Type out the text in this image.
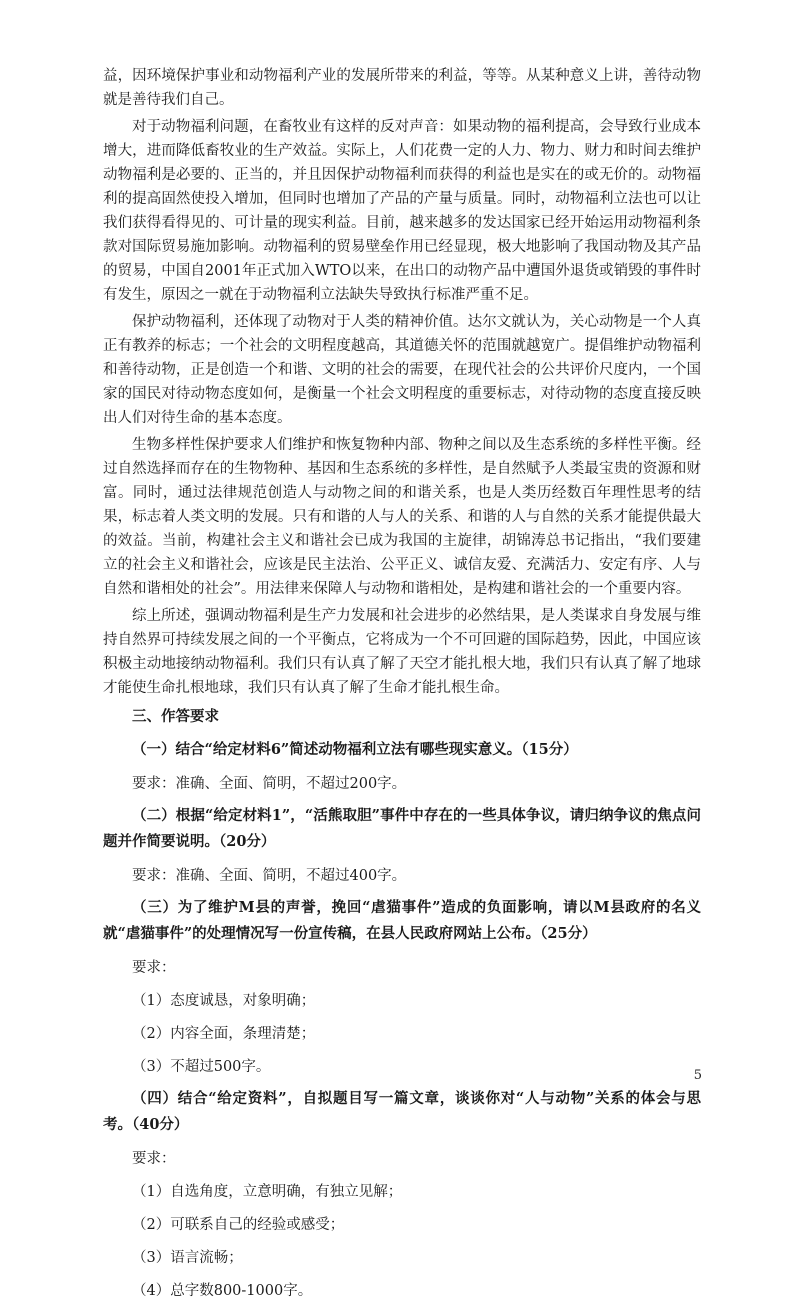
益，因环境保护事业和动物福利产业的发展所带来的利益，等等。从某种意义上讲，善待动物就是善待我们自己。

对于动物福利问题，在畜牧业有这样的反对声音：如果动物的福利提高，会导致行业成本增大，进而降低畜牧业的生产效益。实际上，人们花费一定的人力、物力、财力和时间去维护动物福利是必要的、正当的，并且因保护动物福利而获得的利益也是实在的或无价的。动物福利的提高固然使投入增加，但同时也增加了产品的产量与质量。同时，动物福利立法也可以让我们获得看得见的、可计量的现实利益。目前，越来越多的发达国家已经开始运用动物福利条款对国际贸易施加影响。动物福利的贸易壁垒作用已经显现，极大地影响了我国动物及其产品的贸易，中国自2001年正式加入WTO以来，在出口的动物产品中遭国外退货或销毁的事件时有发生，原因之一就在于动物福利立法缺失导致执行标准严重不足。

保护动物福利，还体现了动物对于人类的精神价值。达尔文就认为，关心动物是一个人真正有教养的标志；一个社会的文明程度越高，其道德关怀的范围就越宽广。提倡维护动物福利和善待动物，正是创造一个和谐、文明的社会的需要，在现代社会的公共评价尺度内，一个国家的国民对待动物态度如何，是衡量一个社会文明程度的重要标志，对待动物的态度直接反映出人们对待生命的基本态度。

生物多样性保护要求人们维护和恢复物种内部、物种之间以及生态系统的多样性平衡。经过自然选择而存在的生物物种、基因和生态系统的多样性，是自然赋予人类最宝贵的资源和财富。同时，通过法律规范创造人与动物之间的和谐关系，也是人类历经数百年理性思考的结果，标志着人类文明的发展。只有和谐的人与人的关系、和谐的人与自然的关系才能提供最大的效益。当前，构建社会主义和谐社会已成为我国的主旋律，胡锦涛总书记指出，“我们要建立的社会主义和谐社会，应该是民主法治、公平正义、诚信友爱、充满活力、安定有序、人与自然和谐相处的社会”。用法律来保障人与动物和谐相处，是构建和谐社会的一个重要内容。

综上所述，强调动物福利是生产力发展和社会进步的必然结果，是人类谋求自身发展与维持自然界可持续发展之间的一个平衡点，它将成为一个不可回避的国际趋势，因此，中国应该积极主动地接纳动物福利。我们只有认真了解了天空才能扎根大地，我们只有认真了解了地球才能使生命扎根地球，我们只有认真了解了生命才能扎根生命。

三、作答要求

（一）结合“给定材料6”简述动物福利立法有哪些现实意义。（15分）

要求：准确、全面、简明，不超过200字。

（二）根据“给定材料1”，“活熊取胆”事件中存在的一些具体争议，请归纳争议的焦点问题并作简要说明。（20分）

要求：准确、全面、简明，不超过400字。

（三）为了维护M县的声誉，挽回“虐猫事件”造成的负面影响，请以M县政府的名义就“虐猫事件”的处理情况写一份宣传稿，在县人民政府网站上公布。（25分）

要求：

（1）态度诚恳，对象明确；

（2）内容全面，条理清楚；

（3）不超过500字。

（四）结合“给定资料”，自拟题目写一篇文章，谈谈你对“人与动物”关系的体会与思考。（40分）

要求：

（1）自选角度，立意明确，有独立见解；

（2）可联系自己的经验或感受；

（3）语言流畅；

（4）总字数800-1000字。

5
